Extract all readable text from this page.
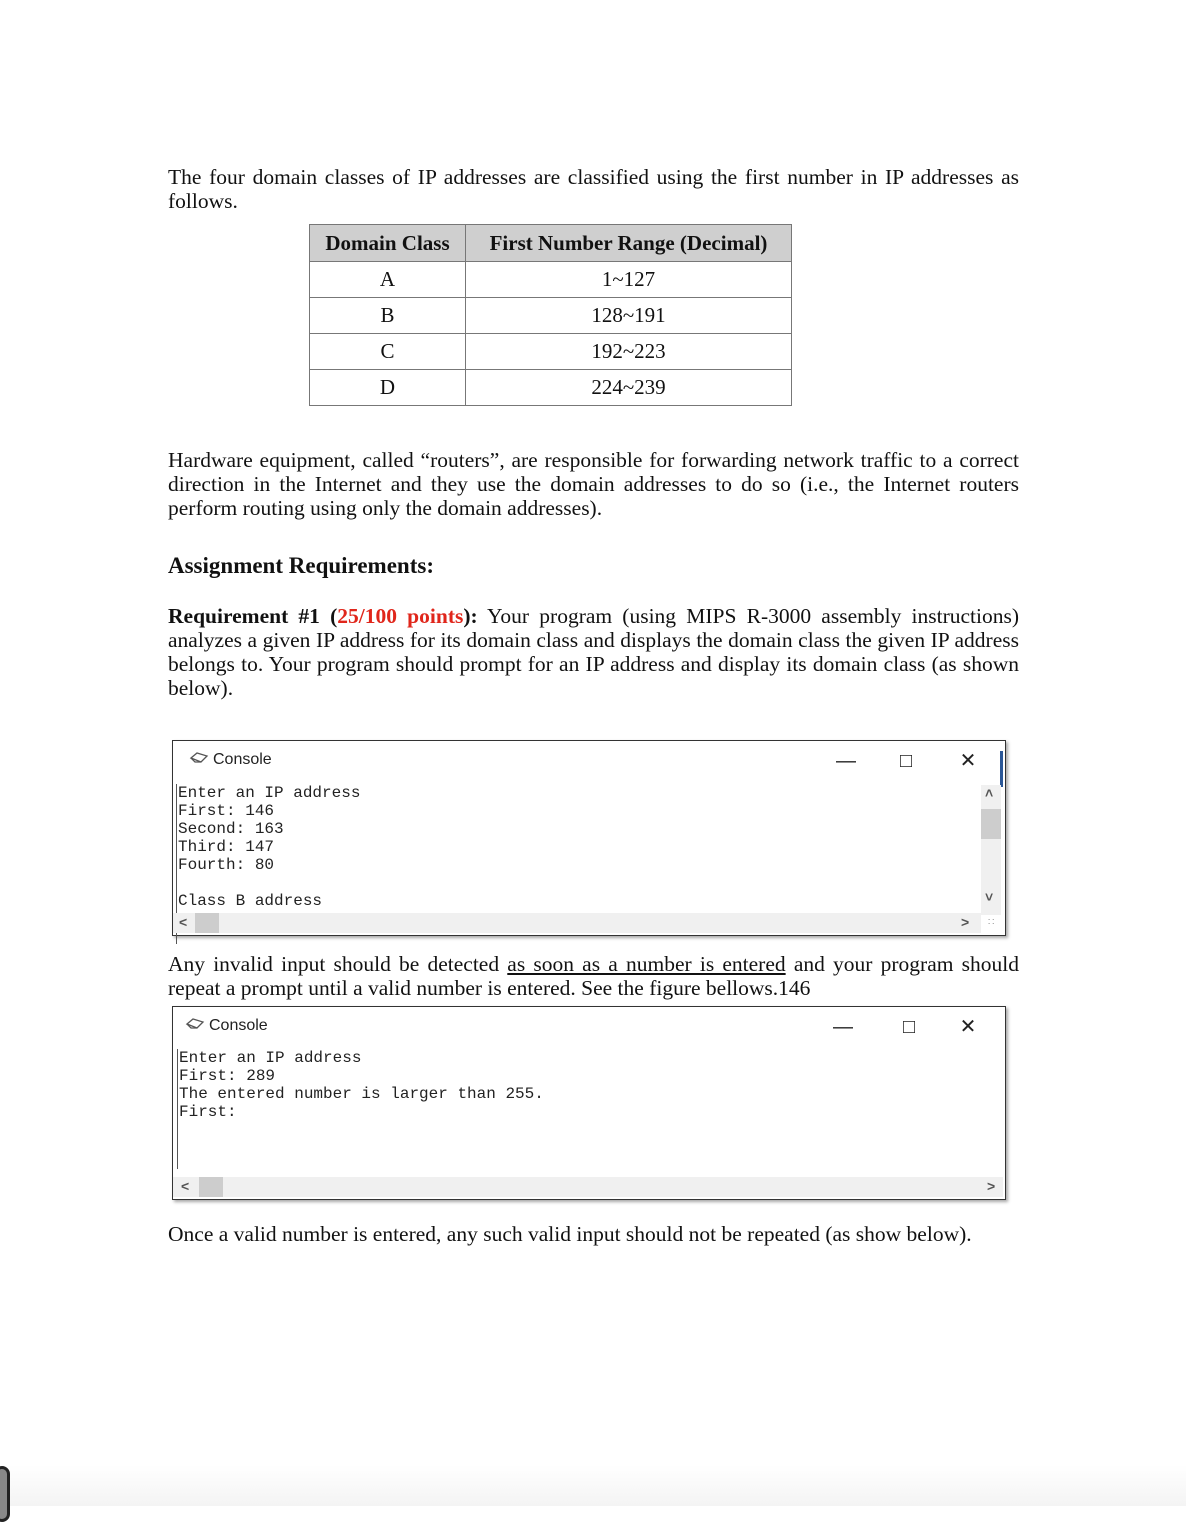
The four domain classes of IP addresses are classified using the first number in IP addresses as follows.

Domain Class	First Number Range (Decimal)
A	1~127
B	128~191
C	192~223
D	224~239

Hardware equipment, called “routers”, are responsible for forwarding network traffic to a correct direction in the Internet and they use the domain addresses to do so (i.e., the Internet routers perform routing using only the domain addresses).

Assignment Requirements:

Requirement #1 (25/100 points): Your program (using MIPS R-3000 assembly instructions) analyzes a given IP address for its domain class and displays the domain class the given IP address belongs to. Your program should prompt for an IP address and display its domain class (as shown below).

Console	—	□	✕
Enter an IP address
First: 146
Second: 163
Third: 147
Fourth: 80

Class B address
˄
˅
<	> ∷

Any invalid input should be detected as soon as a number is entered and your program should repeat a prompt until a valid number is entered. See the figure bellows.146

Console	—	□	✕
Enter an IP address
First: 289
The entered number is larger than 255.
First:
<	>

Once a valid number is entered, any such valid input should not be repeated (as show below).
